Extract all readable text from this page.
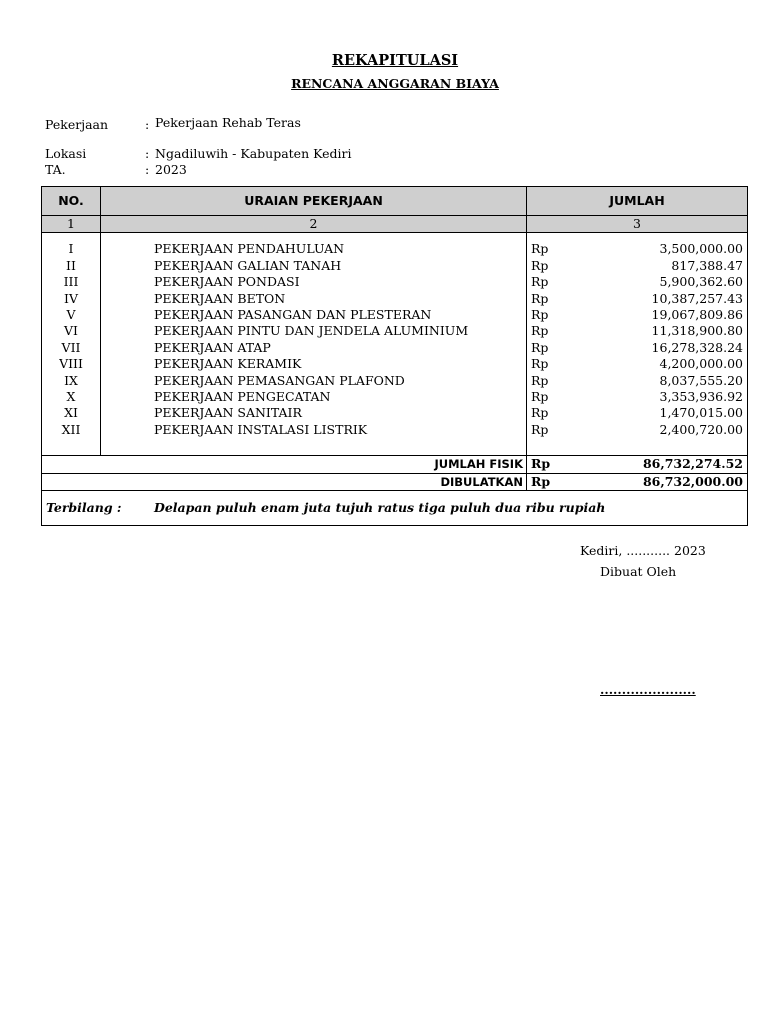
REKAPITULASI
RENCANA ANGGARAN BIAYA
Pekerjaan	: Pekerjaan Rehab Teras
Lokasi	: Ngadiluwih - Kabupaten Kediri
TA.	: 2023
NO.	URAIAN PEKERJAAN	JUMLAH
1	2	3

I	PEKERJAAN PENDAHULUAN	Rp 3,500,000.00

II	PEKERJAAN GALIAN TANAH	Rp 817,388.47

III	PEKERJAAN PONDASI	Rp 5,900,362.60

IV	PEKERJAAN BETON	Rp 10,387,257.43

V	PEKERJAAN PASANGAN DAN PLESTERAN	Rp 19,067,809.86

VI	PEKERJAAN PINTU DAN JENDELA ALUMINIUM	Rp 11,318,900.80

VII	PEKERJAAN ATAP	Rp 16,278,328.24

VIII	PEKERJAAN KERAMIK	Rp 4,200,000.00

IX	PEKERJAAN PEMASANGAN PLAFOND	Rp 8,037,555.20

X	PEKERJAAN PENGECATAN	Rp 3,353,936.92

XI	PEKERJAAN SANITAIR	Rp 1,470,015.00

XII	PEKERJAAN INSTALASI LISTRIK	Rp 2,400,720.00

JUMLAH FISIK		Rp 86,732,274.52

DIBULATKAN		Rp 86,732,000.00

Terbilang : Delapan puluh enam juta tujuh ratus tiga puluh dua ribu rupiah		
Kediri, ........... 2023
Dibuat Oleh
......................
